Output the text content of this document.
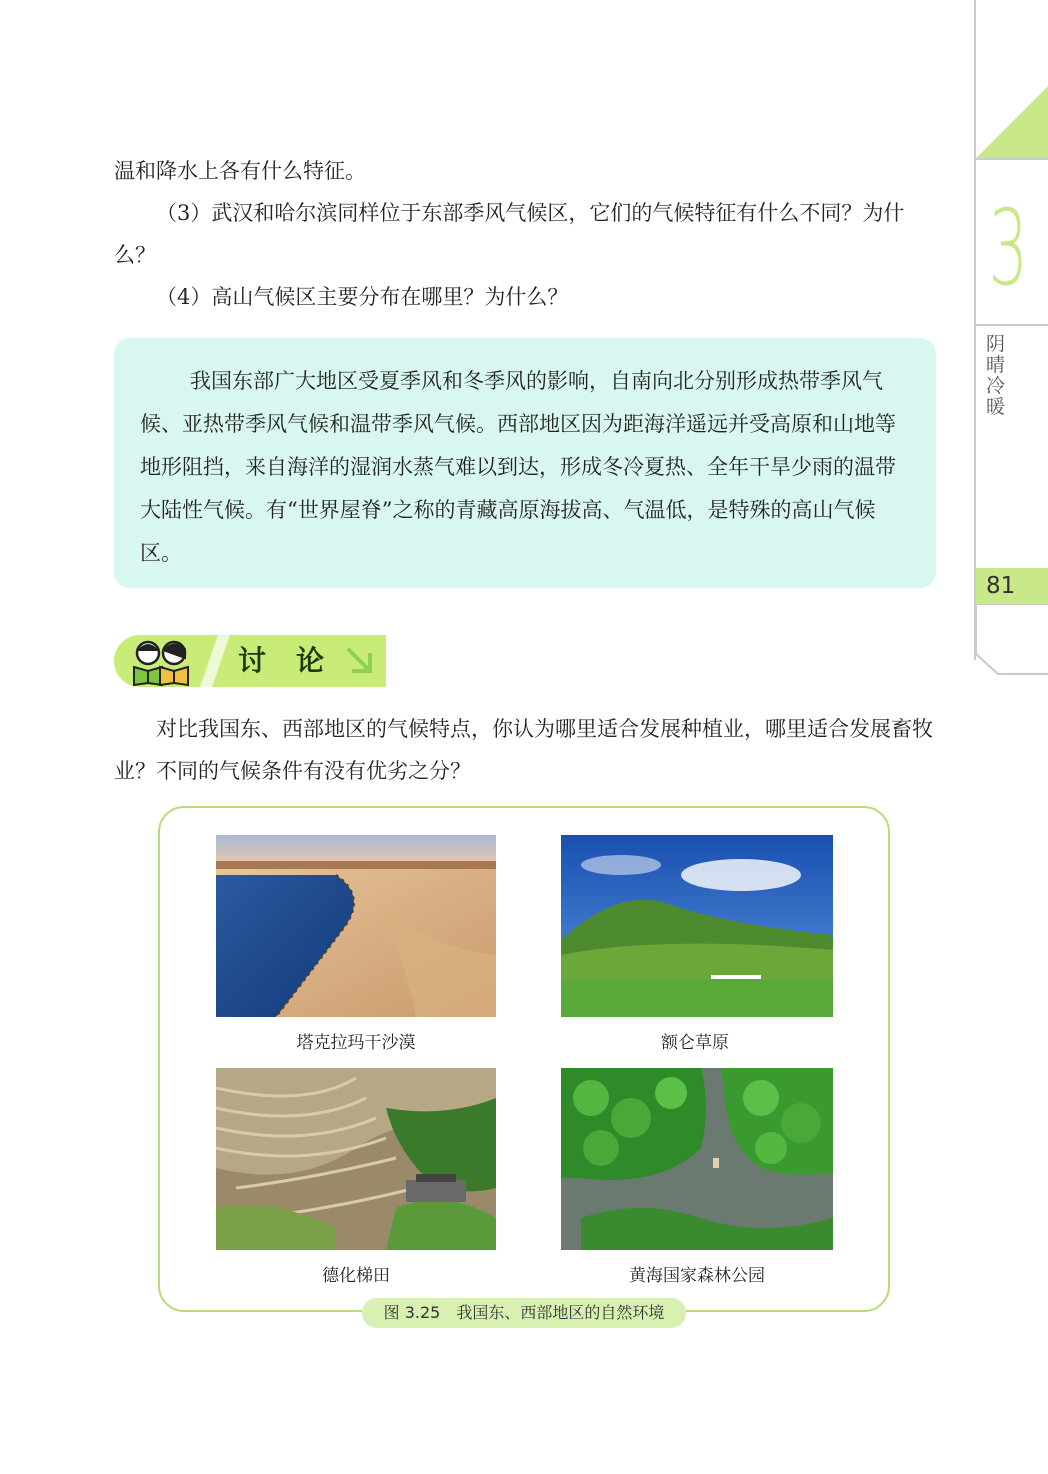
3
阴晴冷暖
81

温和降水上各有什么特征。

（3）武汉和哈尔滨同样位于东部季风气候区，它们的气候特征有什么不同？为什么？

（4）高山气候区主要分布在哪里？为什么？

我国东部广大地区受夏季风和冬季风的影响，自南向北分别形成热带季风气候、亚热带季风气候和温带季风气候。西部地区因为距海洋遥远并受高原和山地等地形阻挡，来自海洋的湿润水蒸气难以到达，形成冬冷夏热、全年干旱少雨的温带大陆性气候。有“世界屋脊”之称的青藏高原海拔高、气温低，是特殊的高山气候区。

讨论

对比我国东、西部地区的气候特点，你认为哪里适合发展种植业，哪里适合发展畜牧业？不同的气候条件有没有优劣之分？

塔克拉玛干沙漠	额仑草原
德化梯田	黄海国家森林公园
图 3.25　我国东、西部地区的自然环境
